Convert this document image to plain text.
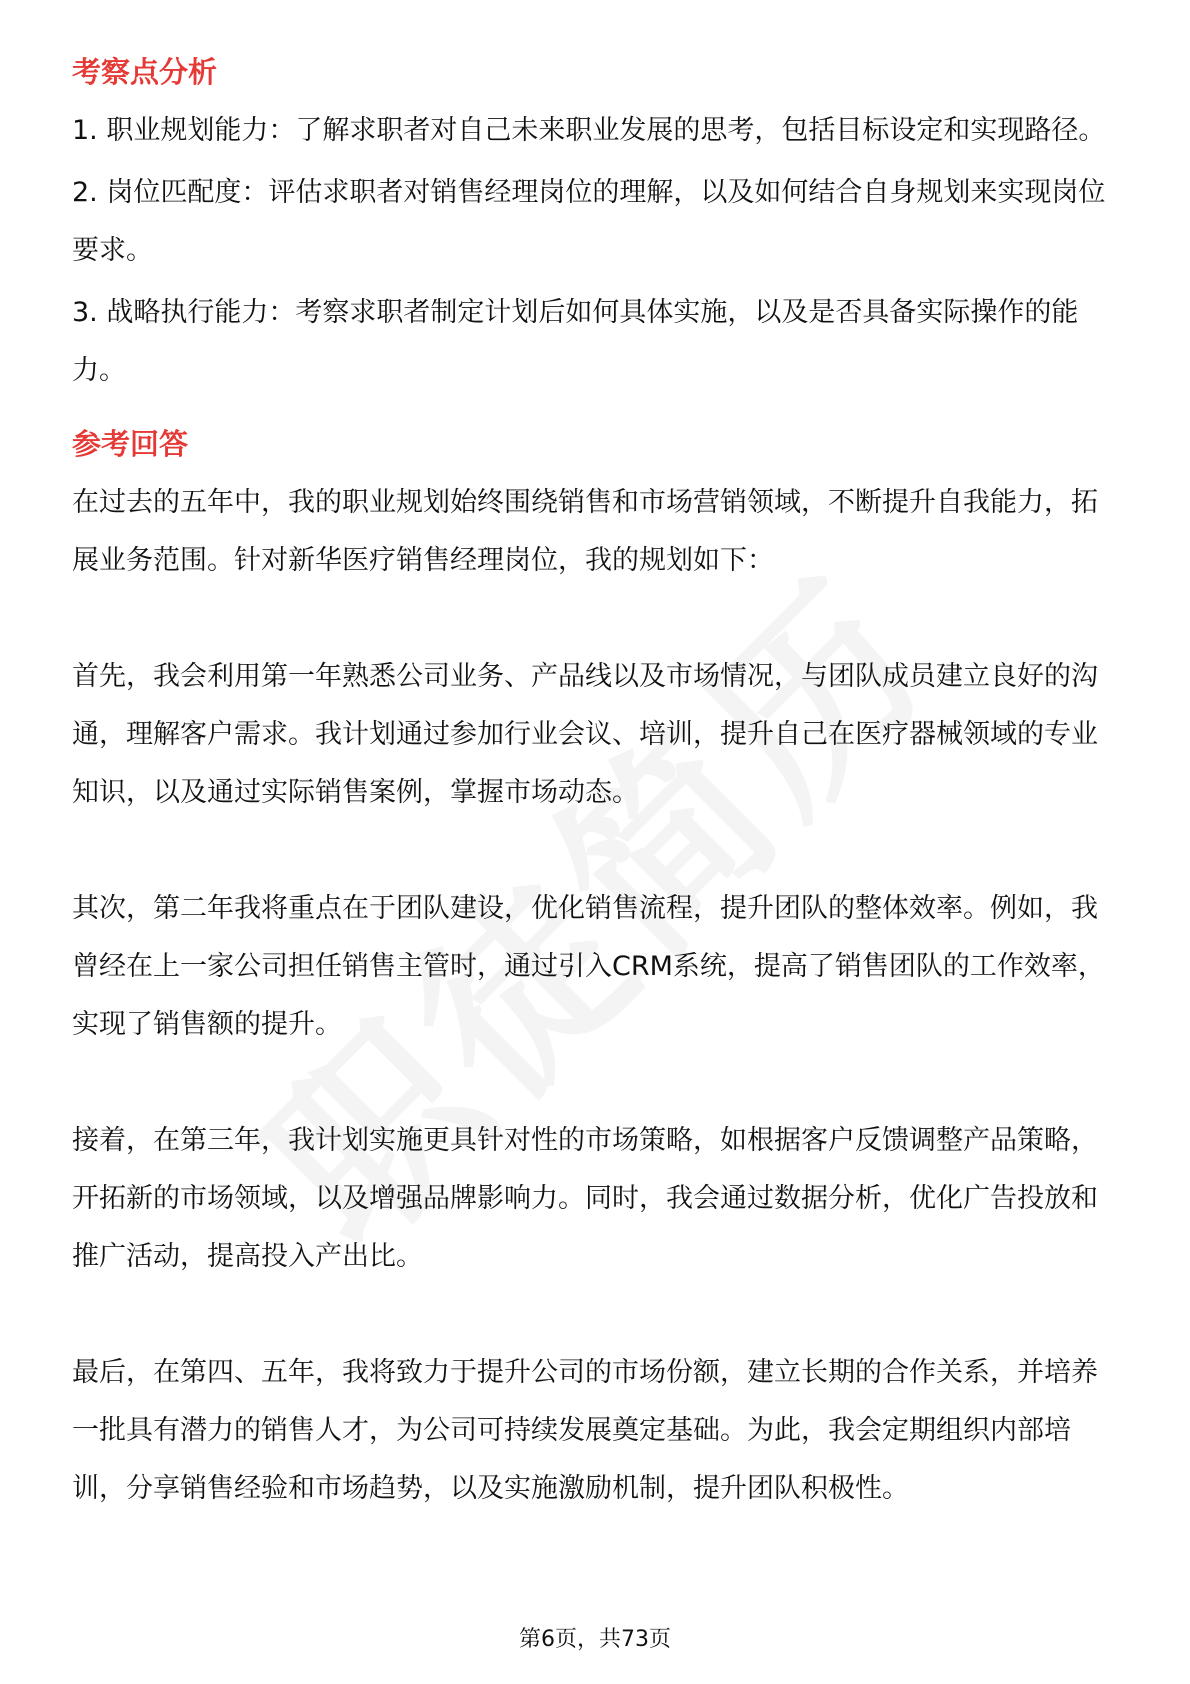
考察点分析
1. 职业规划能力：了解求职者对自己未来职业发展的思考，包括目标设定和实现路径。
2. 岗位匹配度：评估求职者对销售经理岗位的理解，以及如何结合自身规划来实现岗位要求。
3. 战略执行能力：考察求职者制定计划后如何具体实施，以及是否具备实际操作的能力。
参考回答
在过去的五年中，我的职业规划始终围绕销售和市场营销领域，不断提升自我能力，拓展业务范围。针对新华医疗销售经理岗位，我的规划如下：
首先，我会利用第一年熟悉公司业务、产品线以及市场情况，与团队成员建立良好的沟通，理解客户需求。我计划通过参加行业会议、培训，提升自己在医疗器械领域的专业知识，以及通过实际销售案例，掌握市场动态。
其次，第二年我将重点在于团队建设，优化销售流程，提升团队的整体效率。例如，我曾经在上一家公司担任销售主管时，通过引入CRM系统，提高了销售团队的工作效率，实现了销售额的提升。
接着，在第三年，我计划实施更具针对性的市场策略，如根据客户反馈调整产品策略，开拓新的市场领域，以及增强品牌影响力。同时，我会通过数据分析，优化广告投放和推广活动，提高投入产出比。
最后，在第四、五年，我将致力于提升公司的市场份额，建立长期的合作关系，并培养一批具有潜力的销售人才，为公司可持续发展奠定基础。为此，我会定期组织内部培训，分享销售经验和市场趋势，以及实施激励机制，提升团队积极性。
第6页，共73页
